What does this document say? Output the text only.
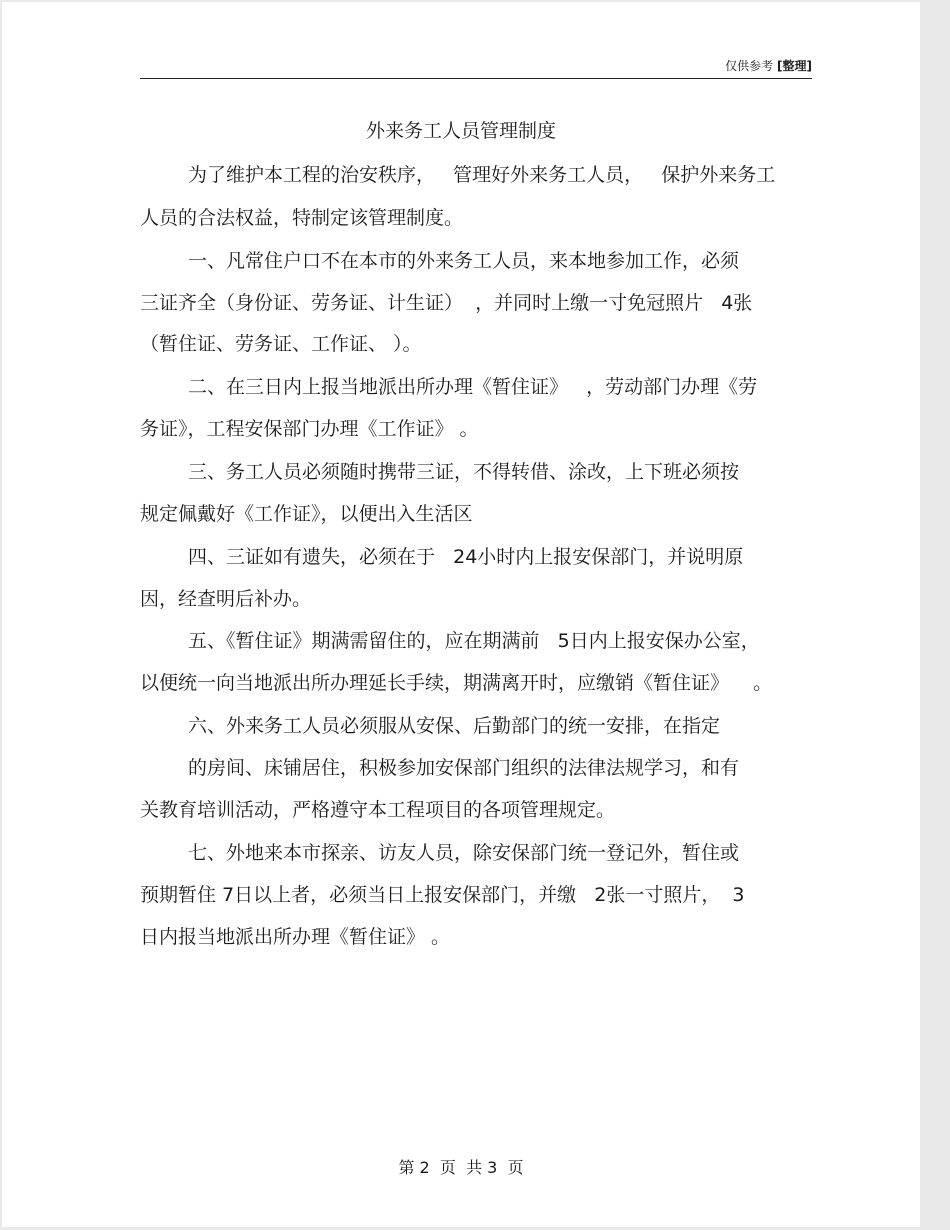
仅供参考 [整理]
外来务工人员管理制度
为了维护本工程的治安秩序，   管理好外来务工人员，   保护外来务工
人员的合法权益，特制定该管理制度。
一、凡常住户口不在本市的外来务工人员，来本地参加工作，必须
三证齐全（身份证、劳务证、计生证）  ，并同时上缴一寸免冠照片   4张
（暂住证、劳务证、工作证、 ）。
二、在三日内上报当地派出所办理《暂住证》   ，劳动部门办理《劳
务证》，工程安保部门办理《工作证》 。
三、务工人员必须随时携带三证，不得转借、涂改，上下班必须按
规定佩戴好《工作证》，以便出入生活区
四、三证如有遗失，必须在于   24小时内上报安保部门，并说明原
因，经查明后补办。
五、《暂住证》期满需留住的，应在期满前   5日内上报安保办公室，
以便统一向当地派出所办理延长手续，期满离开时，应缴销《暂住证》    。
六、外来务工人员必须服从安保、后勤部门的统一安排，在指定
的房间、床铺居住，积极参加安保部门组织的法律法规学习，和有
关教育培训活动，严格遵守本工程项目的各项管理规定。
七、外地来本市探亲、访友人员，除安保部门统一登记外，暂住或
预期暂住 7日以上者，必须当日上报安保部门，并缴   2张一寸照片，  3
日内报当地派出所办理《暂住证》 。
第 2  页  共 3  页
